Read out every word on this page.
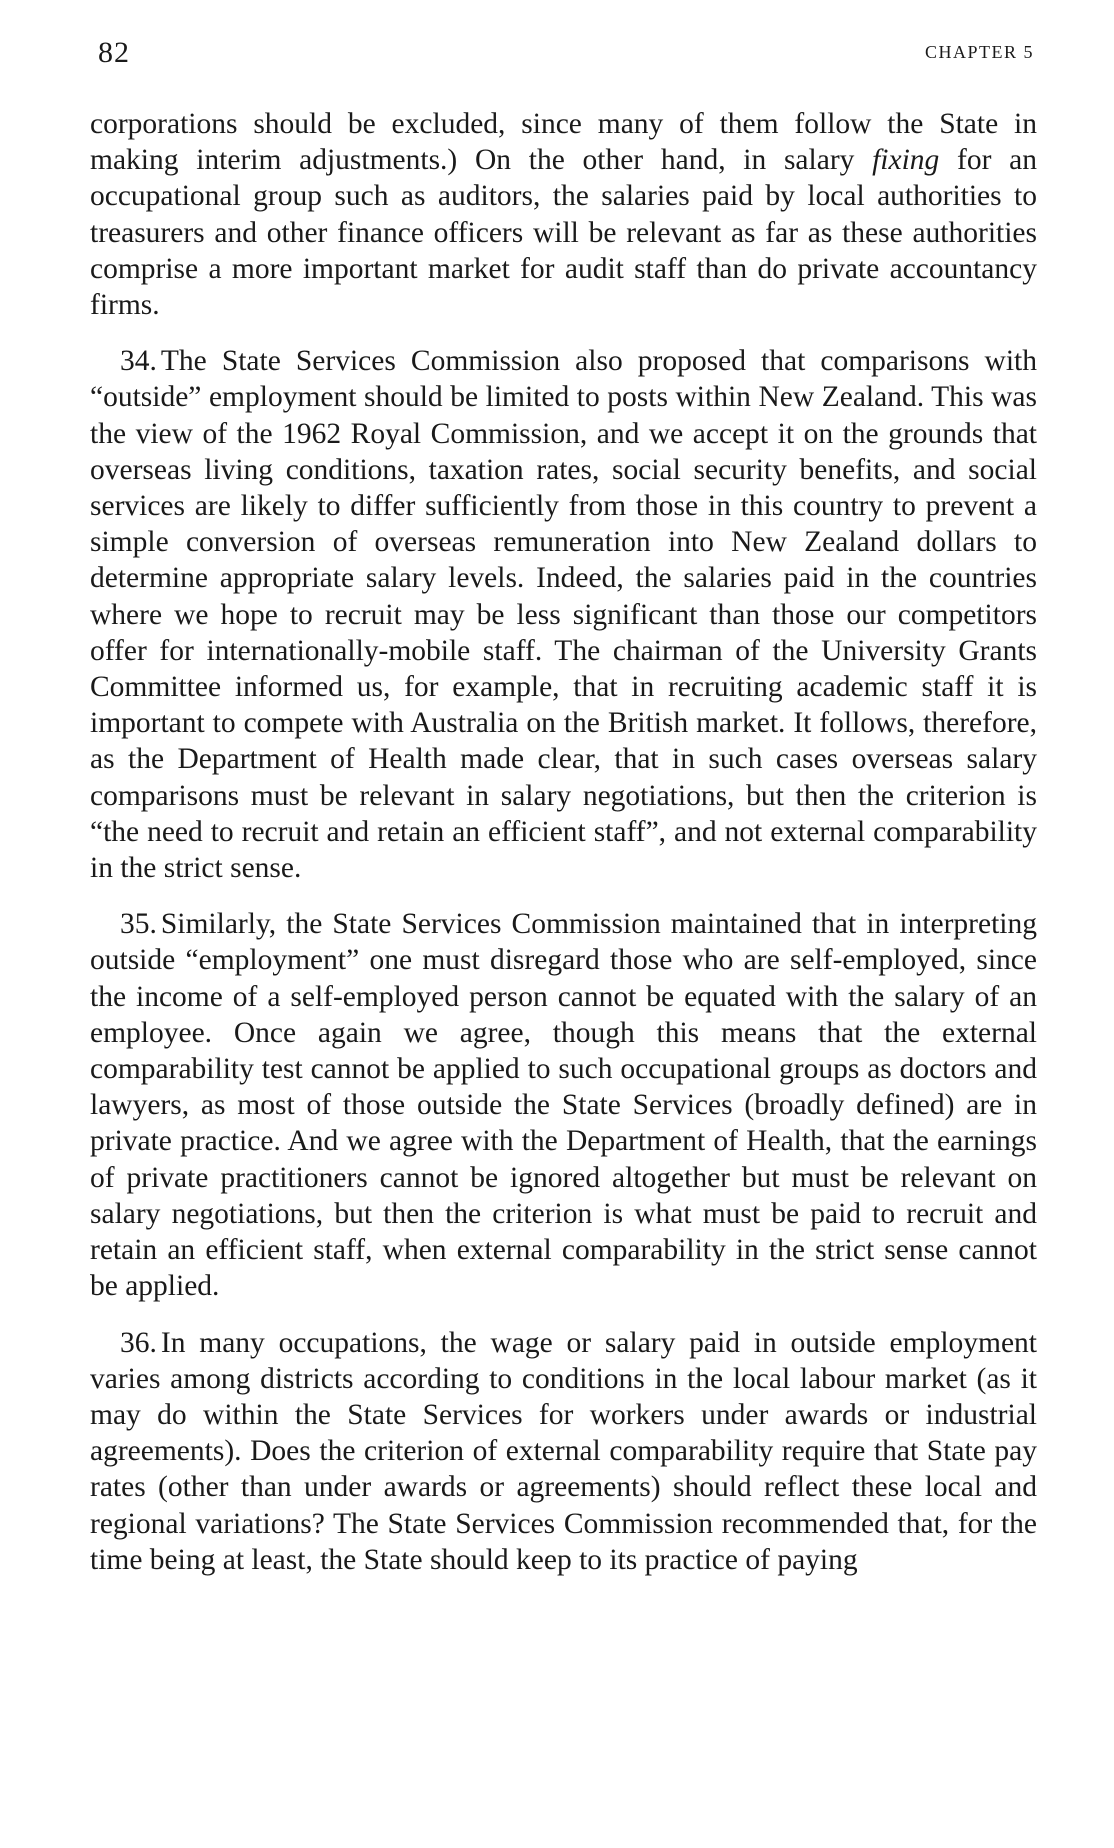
82	CHAPTER 5

corporations should be excluded, since many of them follow the State in making interim adjustments.) On the other hand, in salary fixing for an occupational group such as auditors, the salaries paid by local authorities to treasurers and other finance officers will be relevant as far as these authorities comprise a more important market for audit staff than do private accountancy firms.

34. The State Services Commission also proposed that comparisons with “outside” employment should be limited to posts within New Zealand. This was the view of the 1962 Royal Commission, and we accept it on the grounds that overseas living conditions, taxation rates, social security benefits, and social services are likely to differ sufficiently from those in this country to prevent a simple conversion of overseas remuneration into New Zealand dollars to determine appropriate salary levels. Indeed, the salaries paid in the countries where we hope to recruit may be less significant than those our competitors offer for internationally-mobile staff. The chairman of the University Grants Committee informed us, for example, that in recruiting academic staff it is important to compete with Australia on the British market. It follows, therefore, as the Department of Health made clear, that in such cases overseas salary comparisons must be relevant in salary negotiations, but then the criterion is “the need to recruit and retain an efficient staff”, and not external comparability in the strict sense.

35. Similarly, the State Services Commission maintained that in interpreting outside “employment” one must disregard those who are self-employed, since the income of a self-employed person cannot be equated with the salary of an employee. Once again we agree, though this means that the external comparability test cannot be applied to such occupational groups as doctors and lawyers, as most of those outside the State Services (broadly defined) are in private practice. And we agree with the Department of Health, that the earnings of private practitioners cannot be ignored altogether but must be relevant on salary negotiations, but then the criterion is what must be paid to recruit and retain an efficient staff, when external comparability in the strict sense cannot be applied.

36. In many occupations, the wage or salary paid in outside employment varies among districts according to conditions in the local labour market (as it may do within the State Services for workers under awards or industrial agreements). Does the criterion of external comparability require that State pay rates (other than under awards or agreements) should reflect these local and regional variations? The State Services Commission recommended that, for the time being at least, the State should keep to its practice of paying
